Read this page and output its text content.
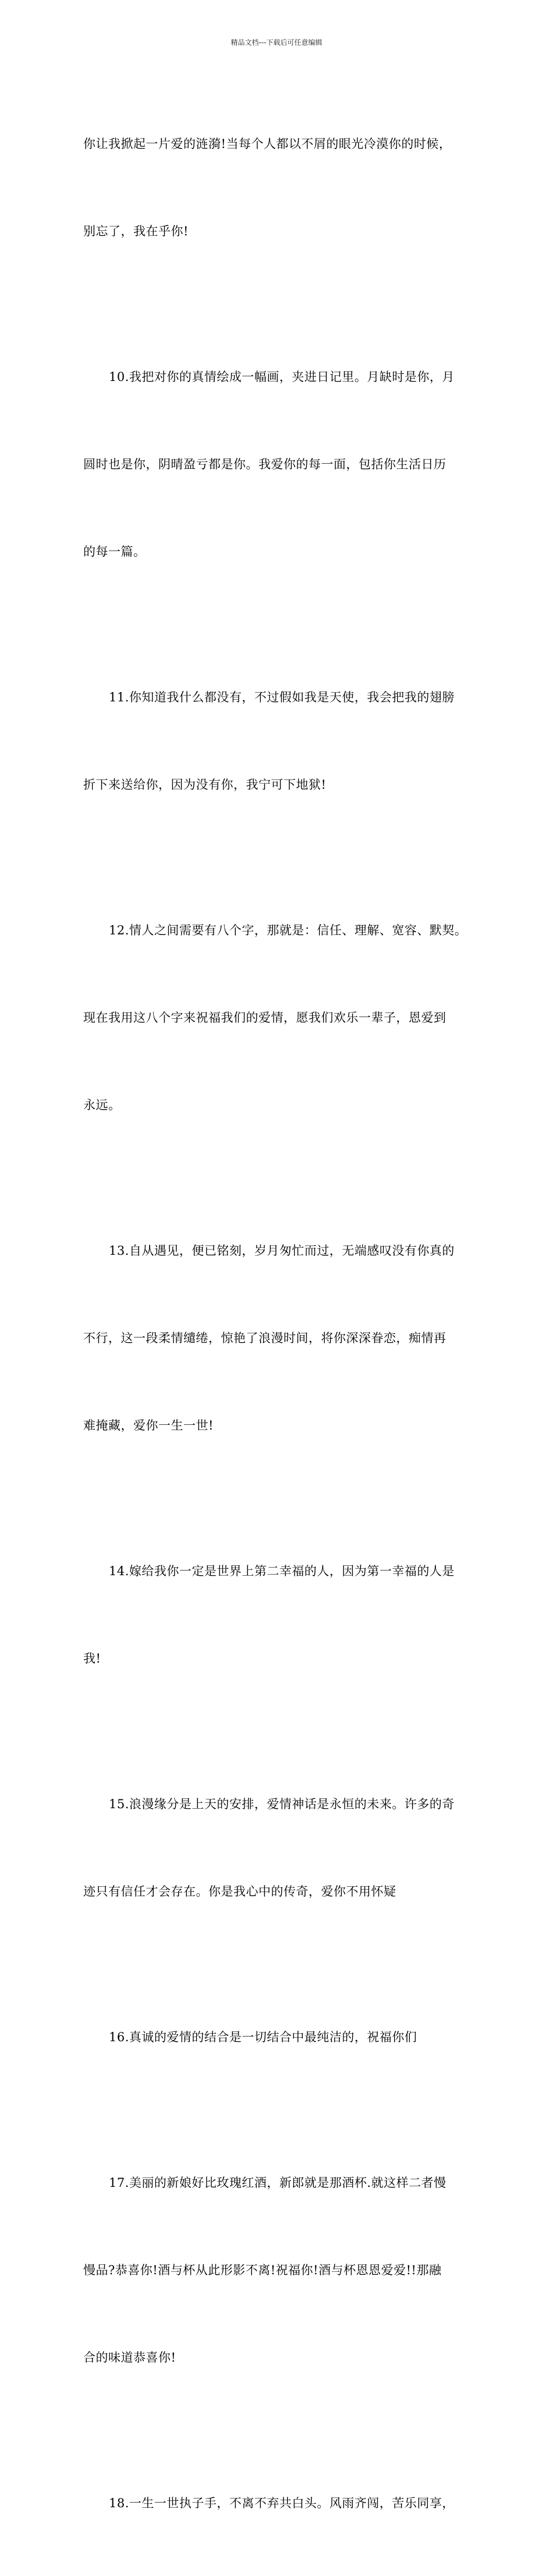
精品文档---下载后可任意编辑

你让我掀起一片爱的涟漪!当每个人都以不屑的眼光冷漠你的时候，

别忘了，我在乎你!

10.我把对你的真情绘成一幅画，夹进日记里。月缺时是你，月

圆时也是你，阴晴盈亏都是你。我爱你的每一面，包括你生活日历

的每一篇。

11.你知道我什么都没有，不过假如我是天使，我会把我的翅膀

折下来送给你，因为没有你，我宁可下地狱!

12.情人之间需要有八个字，那就是：信任、理解、宽容、默契。

现在我用这八个字来祝福我们的爱情，愿我们欢乐一辈子，恩爱到

永远。

13.自从遇见，便已铭刻，岁月匆忙而过，无端感叹没有你真的

不行，这一段柔情缱绻，惊艳了浪漫时间，将你深深眷恋，痴情再

难掩藏，爱你一生一世!

14.嫁给我你一定是世界上第二幸福的人，因为第一幸福的人是

我!

15.浪漫缘分是上天的安排，爱情神话是永恒的未来。许多的奇

迹只有信任才会存在。你是我心中的传奇，爱你不用怀疑

16.真诚的爱情的结合是一切结合中最纯洁的，祝福你们

17.美丽的新娘好比玫瑰红酒，新郎就是那酒杯.就这样二者慢

慢品?恭喜你!酒与杯从此形影不离!祝福你!酒与杯恩恩爱爱!!那融

合的味道恭喜你!

18.一生一世执子手，不离不弃共白头。风雨齐闯，苦乐同享，
